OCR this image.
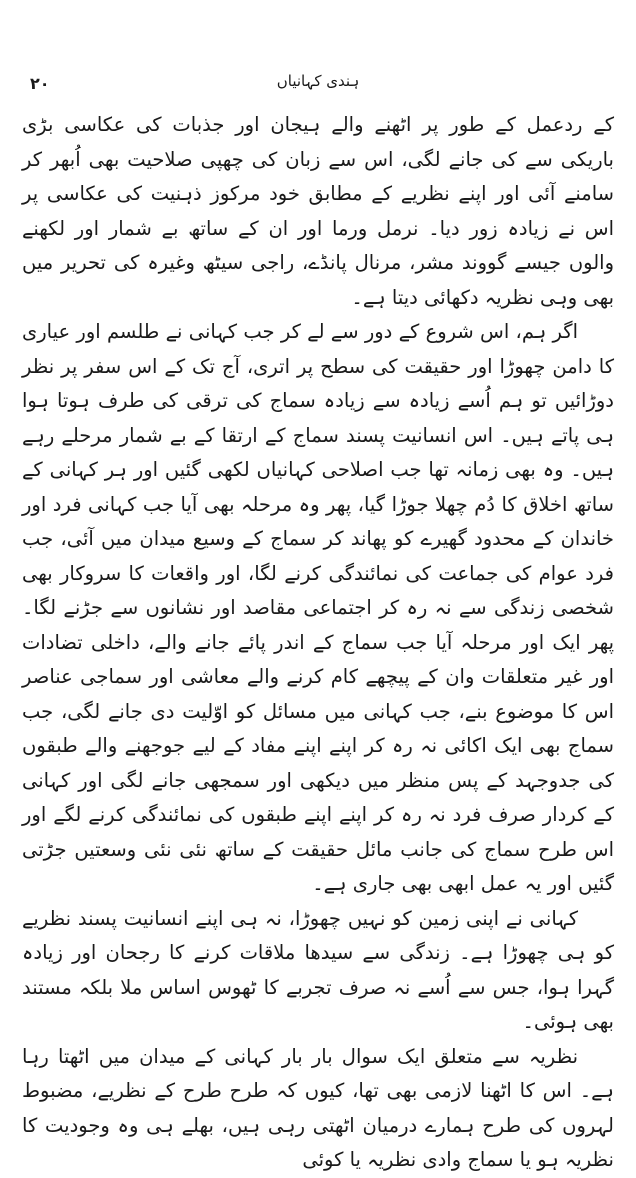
۲۰	ہندی کہانیاں

کے ردعمل کے طور پر اٹھنے والے ہیجان اور جذبات کی عکاسی بڑی باریکی سے کی جانے لگی، اس سے زبان کی چھپی صلاحیت بھی اُبھر کر سامنے آئی اور اپنے نظریے کے مطابق خود مرکوز ذہنیت کی عکاسی پر اس نے زیادہ زور دیا۔ نرمل ورما اور ان کے ساتھ بے شمار اور لکھنے والوں جیسے گووند مشر، مرنال پانڈے، راجی سیٹھ وغیرہ کی تحریر میں بھی وہی نظریہ دکھائی دیتا ہے۔

اگر ہم، اس شروع کے دور سے لے کر جب کہانی نے طلسم اور عیاری کا دامن چھوڑا اور حقیقت کی سطح پر اتری، آج تک کے اس سفر پر نظر دوڑائیں تو ہم اُسے زیادہ سے زیادہ سماج کی ترقی کی طرف ہوتا ہوا ہی پاتے ہیں۔ اس انسانیت پسند سماج کے ارتقا کے بے شمار مرحلے رہے ہیں۔ وہ بھی زمانہ تھا جب اصلاحی کہانیاں لکھی گئیں اور ہر کہانی کے ساتھ اخلاق کا دُم چھلا جوڑا گیا، پھر وہ مرحلہ بھی آیا جب کہانی فرد اور خاندان کے محدود گھیرے کو پھاند کر سماج کے وسیع میدان میں آئی، جب فرد عوام کی جماعت کی نمائندگی کرنے لگا، اور واقعات کا سروکار بھی شخصی زندگی سے نہ رہ کر اجتماعی مقاصد اور نشانوں سے جڑنے لگا۔ پھر ایک اور مرحلہ آیا جب سماج کے اندر پائے جانے والے، داخلی تضادات اور غیر متعلقات وان کے پیچھے کام کرنے والے معاشی اور سماجی عناصر اس کا موضوع بنے، جب کہانی میں مسائل کو اوّلیت دی جانے لگی، جب سماج بھی ایک اکائی نہ رہ کر اپنے اپنے مفاد کے لیے جوجھنے والے طبقوں کی جدوجہد کے پس منظر میں دیکھی اور سمجھی جانے لگی اور کہانی کے کردار صرف فرد نہ رہ کر اپنے اپنے طبقوں کی نمائندگی کرنے لگے اور اس طرح سماج کی جانب مائل حقیقت کے ساتھ نئی نئی وسعتیں جڑتی گئیں اور یہ عمل ابھی بھی جاری ہے۔

کہانی نے اپنی زمین کو نہیں چھوڑا، نہ ہی اپنے انسانیت پسند نظریے کو ہی چھوڑا ہے۔ زندگی سے سیدھا ملاقات کرنے کا رجحان اور زیادہ گہرا ہوا، جس سے اُسے نہ صرف تجربے کا ٹھوس اساس ملا بلکہ مستند بھی ہوئی۔

نظریہ سے متعلق ایک سوال بار بار کہانی کے میدان میں اٹھتا رہا ہے۔ اس کا اٹھنا لازمی بھی تھا، کیوں کہ طرح طرح کے نظریے، مضبوط لہروں کی طرح ہمارے درمیان اٹھتی رہی ہیں، بھلے ہی وہ وجودیت کا نظریہ ہو یا سماج وادی نظریہ یا کوئی
